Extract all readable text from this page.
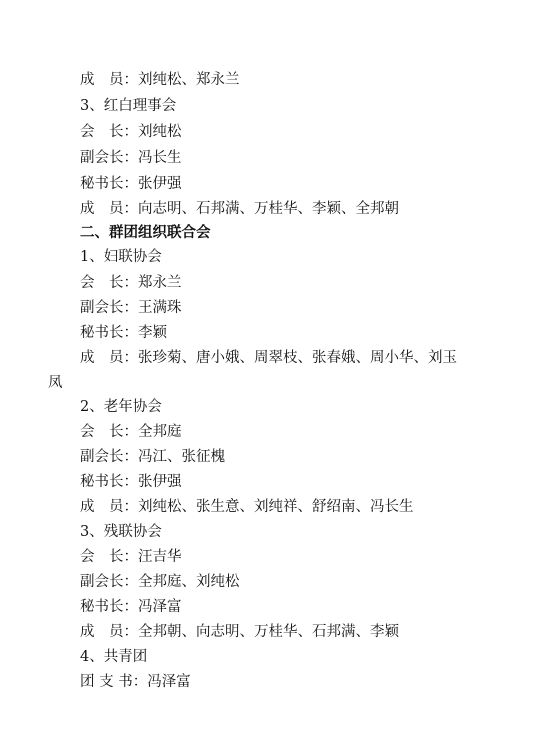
成　员：刘纯松、郑永兰
3、红白理事会
会　长：刘纯松
副会长：冯长生
秘书长：张伊强
成　员：向志明、石邦满、万桂华、李颖、全邦朝
二、群团组织联合会
1、妇联协会
会　长：郑永兰
副会长：王满珠
秘书长：李颖
成　员：张珍菊、唐小娥、周翠枝、张春娥、周小华、刘玉
凤
2、老年协会
会　长：全邦庭
副会长：冯江、张征槐
秘书长：张伊强
成　员：刘纯松、张生意、刘纯祥、舒绍南、冯长生
3、残联协会
会　长：汪吉华
副会长：全邦庭、刘纯松
秘书长：冯泽富
成　员：全邦朝、向志明、万桂华、石邦满、李颖
4、共青团
团 支 书：冯泽富
